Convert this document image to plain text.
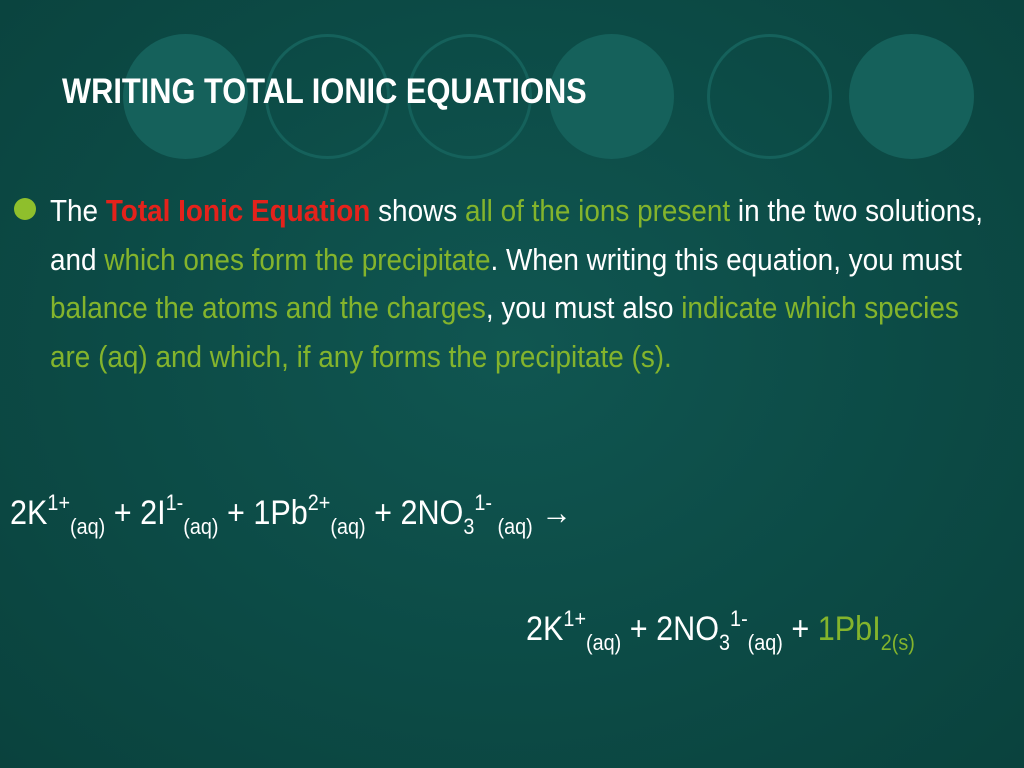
WRITING TOTAL IONIC EQUATIONS
The Total Ionic Equation shows all of the ions present in the two solutions, and which ones form the precipitate. When writing this equation, you must balance the atoms and the charges, you must also indicate which species are (aq) and which, if any forms the precipitate (s).
$2K^{1+}_{(aq)} + 2I^{1-}_{(aq)} + 1Pb^{2+}_{(aq)} + 2NO_3^{1-}$ $_{(aq)}$ →
$2K^{1+}_{(aq)} + 2NO_3^{1-}_{(aq)} + 1PbI_{2(s)}$
